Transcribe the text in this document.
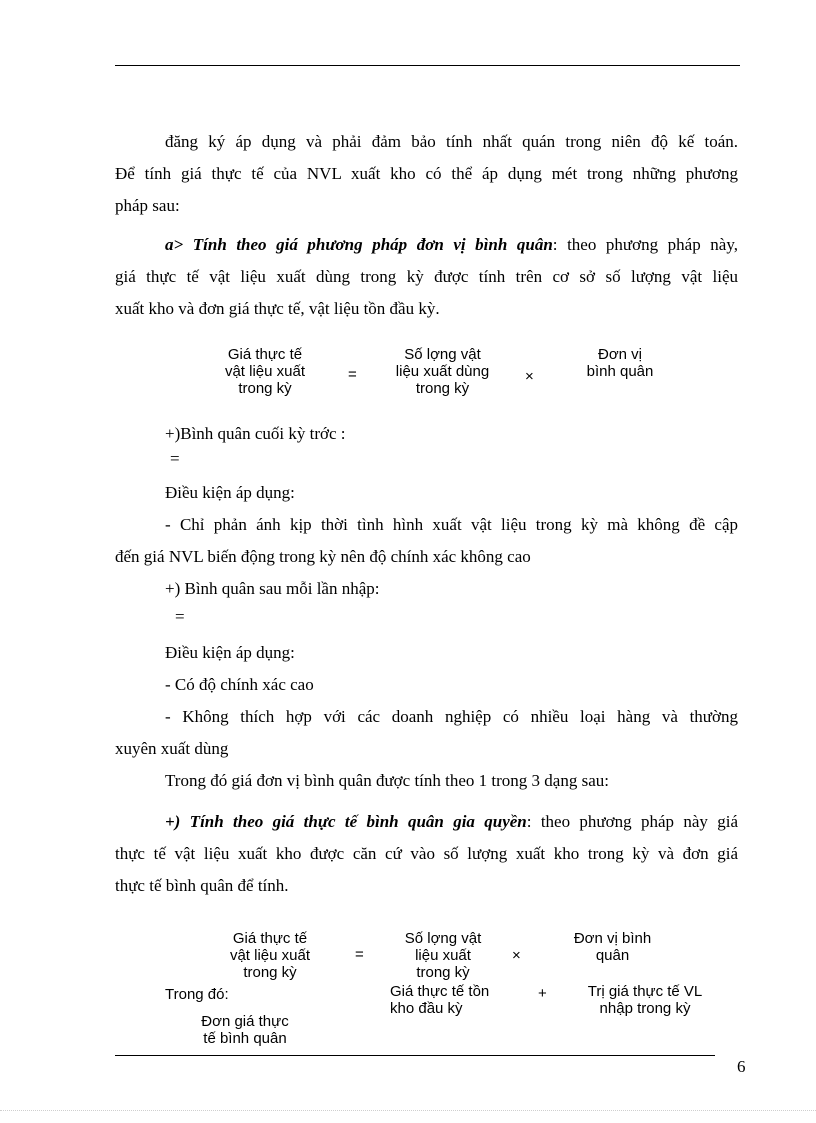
đăng ký áp dụng và phải đảm bảo tính nhất quán trong niên độ kế toán.

Để tính giá thực tế của NVL xuất kho có thể áp dụng mét trong những phương

pháp sau:

a> Tính theo giá phương pháp đơn vị bình quân: theo phương pháp này,

giá thực tế vật liệu xuất dùng trong kỳ được tính trên cơ sở số lượng vật liệu

xuất kho và đơn giá thực tế, vật liệu tồn đầu kỳ.

Giá thực tế
vật liệu xuất
trong kỳ
=
Số lợng vật
liệu xuất dùng
trong kỳ
×
Đơn vị
bình quân

+)Bình quân cuối kỳ trớc :

=

Điều kiện áp dụng:

- Chỉ phản ánh kịp thời tình hình xuất vật liệu trong kỳ mà không đề cập

đến giá NVL biến động trong kỳ nên độ chính xác không cao

+) Bình quân sau mỗi lần nhập:

=

Điều kiện áp dụng:

- Có độ chính xác cao

- Không thích hợp với các doanh nghiệp có nhiều loại hàng và thường

xuyên xuất dùng

Trong đó giá đơn vị bình quân được tính theo 1 trong 3 dạng sau:

+) Tính theo giá thực tế bình quân gia quyền: theo phương pháp này giá

thực tế vật liệu xuất kho được căn cứ vào số lượng xuất kho trong kỳ và đơn giá

thực tế bình quân để tính.

Giá thực tế
vật liệu xuất
trong kỳ
=
Số lợng vật
liệu xuất
trong kỳ
×
Đơn vị bình
quân
Trong đó:
Đơn giá thực
tế bình quân
Giá thực tế tồn
kho đầu kỳ
+	Trị giá thực tế VL
nhập trong kỳ
6
